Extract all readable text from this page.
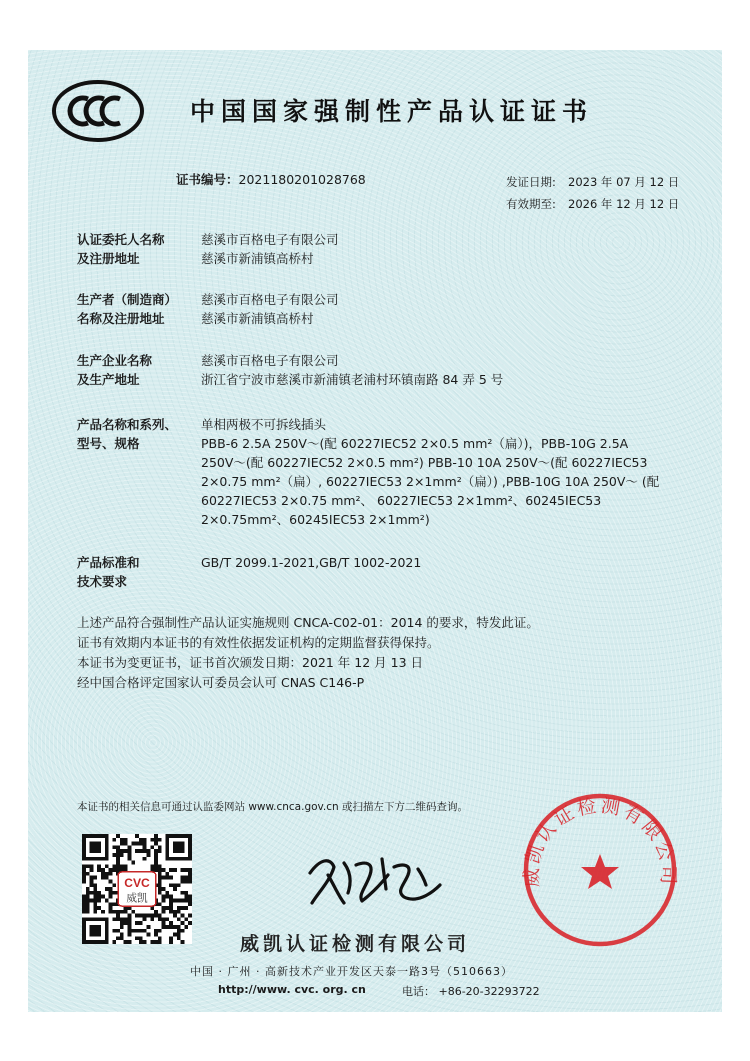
中国国家强制性产品认证证书
证书编号：2021180201028768	发证日期: 2023 年 07 月 12 日
有效期至: 2026 年 12 月 12 日
认证委托人名称
及注册地址
慈溪市百格电子有限公司
慈溪市新浦镇高桥村
生产者（制造商）
名称及注册地址
慈溪市百格电子有限公司
慈溪市新浦镇高桥村
生产企业名称
及生产地址
慈溪市百格电子有限公司
浙江省宁波市慈溪市新浦镇老浦村环镇南路 84 弄 5 号
产品名称和系列、
型号、规格
单相两极不可拆线插头
PBB-6 2.5A 250V～(配 60227IEC52 2×0.5 mm²（扁）)，PBB-10G 2.5A
250V～(配 60227IEC52 2×0.5 mm²) PBB-10 10A 250V～(配 60227IEC53
2×0.75 mm²（扁）, 60227IEC53 2×1mm²（扁）) ,PBB-10G 10A 250V～ (配
60227IEC53 2×0.75 mm²、 60227IEC53 2×1mm²、60245IEC53
2×0.75mm²、60245IEC53 2×1mm²)
产品标准和
技术要求
GB/T 2099.1-2021,GB/T 1002-2021
上述产品符合强制性产品认证实施规则 CNCA-C02-01：2014 的要求，特发此证。
证书有效期内本证书的有效性依据发证机构的定期监督获得保持。
本证书为变更证书，证书首次颁发日期：2021 年 12 月 13 日
经中国合格评定国家认可委员会认可 CNAS C146-P
本证书的相关信息可通过认监委网站 www.cnca.gov.cn 或扫描左下方二维码查询。
CVC
威凯
威凯认证检测有限公司
中国 · 广州 · 高新技术产业开发区天泰一路3号（510663）
http://www. cvc. org. cn	电话： +86-20-32293722
威凯认证检测有限公司
